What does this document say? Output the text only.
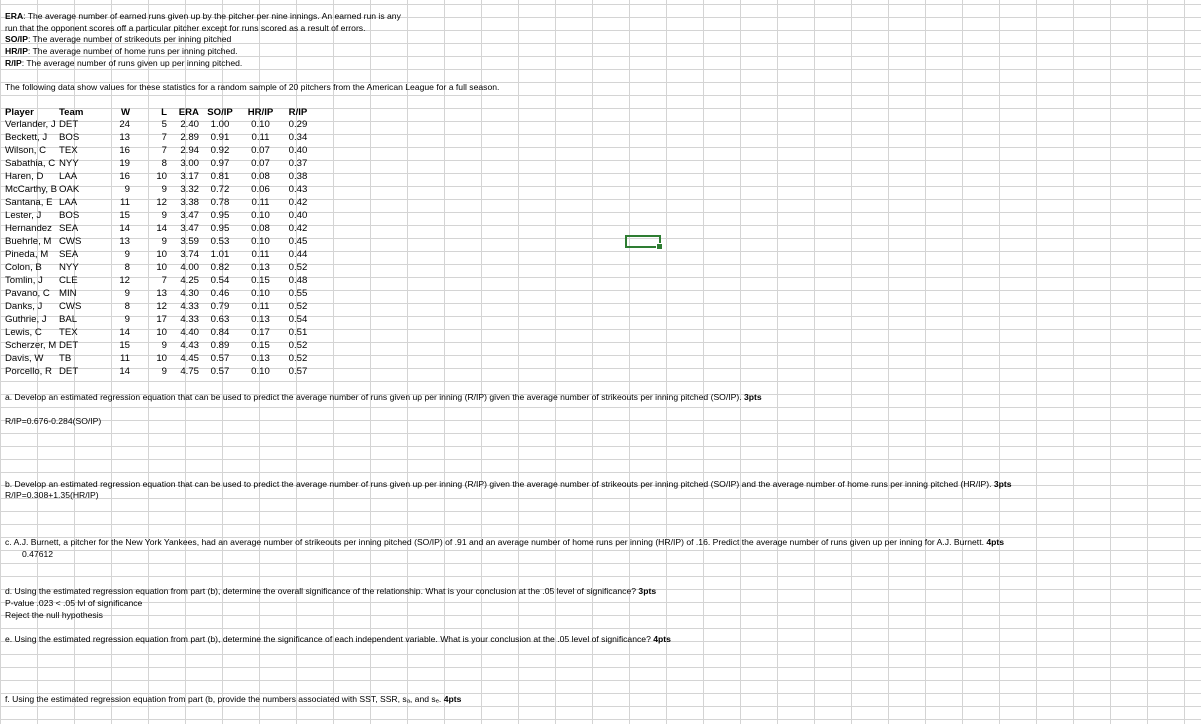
ERA: The average number of earned runs given up by the pitcher per nine innings. An earned run is any
run that the opponent scores off a particular pitcher except for runs scored as a result of errors.
SO/IP: The average number of strikeouts per inning pitched
HR/IP: The average number of home runs per inning pitched.
R/IP: The average number of runs given up per inning pitched.
The following data show values for these statistics for a random sample of 20 pitchers from the American League for a full season.
Player	Team	W	L	ERA SO/IP	HR/IP	R/IP
Verlander, J DET	24	5	2.40	1.00	0.10	0.29
Beckett, J	BOS	13	7	2.89	0.91	0.11	0.34
Wilson, C	TEX	16	7	2.94	0.92	0.07	0.40
Sabathia, C NYY	19	8	3.00	0.97	0.07	0.37
Haren, D	LAA	16	10	3.17	0.81	0.08	0.38
McCarthy, B OAK	9	9	3.32	0.72	0.06	0.43
Santana, E LAA	11	12	3.38	0.78	0.11	0.42
Lester, J	BOS	15	9	3.47	0.95	0.10	0.40
Hernandez SEA	14	14	3.47	0.95	0.08	0.42
Buehrle, M CWS	13	9	3.59	0.53	0.10	0.45
Pineda, M	SEA	9	10	3.74	1.01	0.11	0.44
Colon, B	NYY	8	10	4.00	0.82	0.13	0.52
Tomlin, J	CLE	12	7	4.25	0.54	0.15	0.48
Pavano, C MIN	9	13	4.30	0.46	0.10	0.55
Danks, J	CWS	8	12	4.33	0.79	0.11	0.52
Guthrie, J	BAL	9	17	4.33	0.63	0.13	0.54
Lewis, C	TEX	14	10	4.40	0.84	0.17	0.51
Scherzer, M DET	15	9	4.43	0.89	0.15	0.52
Davis, W	TB	11	10	4.45	0.57	0.13	0.52
Porcello, R DET	14	9	4.75	0.57	0.10	0.57
a. Develop an estimated regression equation that can be used to predict the average number of runs given up per inning (R/IP) given the average number of strikeouts per inning pitched (SO/IP). 3pts
R/IP=0.676-0.284(SO/IP)
b. Develop an estimated regression equation that can be used to predict the average number of runs given up per inning (R/IP) given the average number of strikeouts per inning pitched (SO/IP) and the average number of home runs per inning pitched (HR/IP). 3pts
R/IP=0.308+1.35(HR/IP)
c. A.J. Burnett, a pitcher for the New York Yankees, had an average number of strikeouts per inning pitched (SO/IP) of .91 and an average number of home runs per inning (HR/IP) of .16. Predict the average number of runs given up per inning for A.J. Burnett. 4pts
0.47612
d. Using the estimated regression equation from part (b), determine the overall significance of the relationship. What is your conclusion at the .05 level of significance? 3pts
P-value .023 < .05 lvl of significance
Reject the null hypothesis
e. Using the estimated regression equation from part (b), determine the significance of each independent variable. What is your conclusion at the .05 level of significance? 4pts
f. Using the estimated regression equation from part (b, provide the numbers associated with SST, SSR, sₐ, and sₑ. 4pts
